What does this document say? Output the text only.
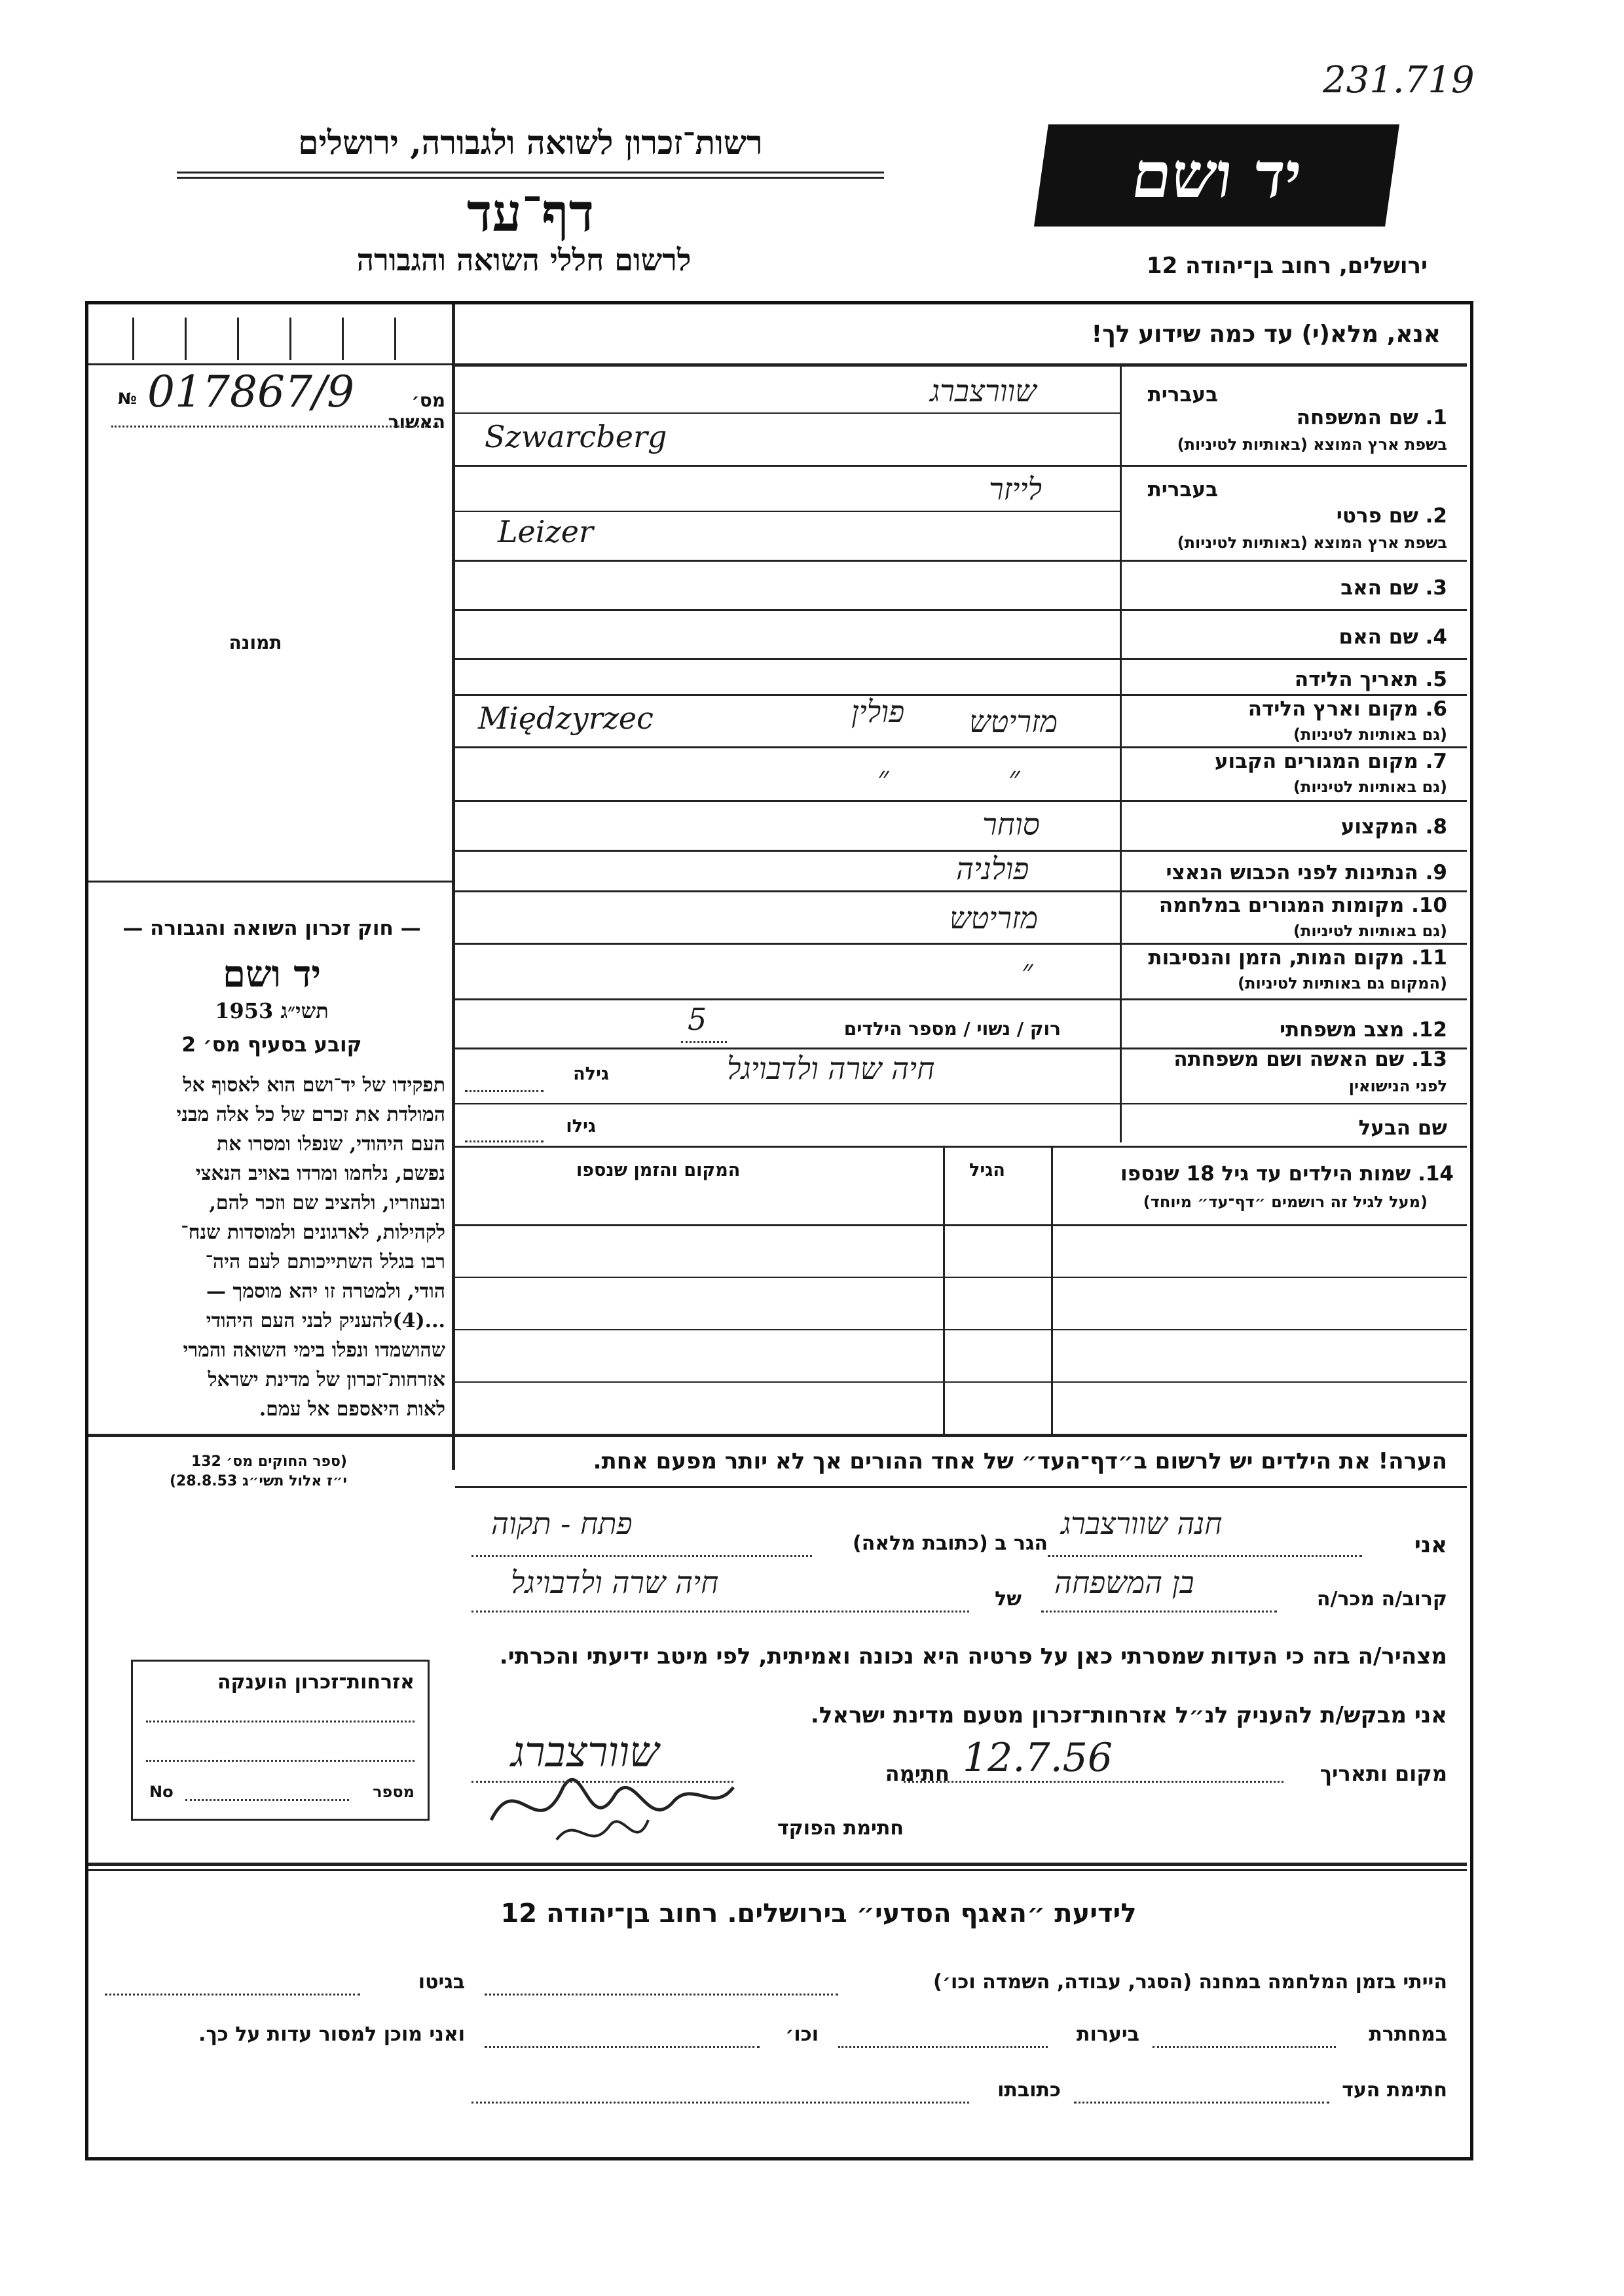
231.719
רשות־זכרון לשואה ולגבורה, ירושלים
דף־עד
לרשום חללי השואה והגבורה
יד ושם
ירושלים, רחוב בן־יהודה 12
אנא, מלא(י) עד כמה שידוע לך!
מס׳ האשור
№ 017867/9
תמונה
— חוק זכרון השואה והגבורה —
יד ושם
תשי״ג 1953
קובע בסעיף מס׳ 2
תפקידו של יד־ושם הוא לאסוף אל
המולדת את זכרם של כל אלה מבני
העם היהודי, שנפלו ומסרו את
נפשם, נלחמו ומרדו באויב הנאצי
ובעוזריו, ולהציב שם וזכר להם,
לקהילות, לארגונים ולמוסדות שנח־
רבו בגלל השתייכותם לעם היה־
הודי, ולמטרה זו יהא מוסמך —
...(4)להעניק לבני העם היהודי
שהושמדו ונפלו בימי השואה והמרי
אזרחות־זכרון של מדינת ישראל
לאות היאספם אל עמם.
(ספר החוקים מס׳ 132
י״ז אלול תשי״ג 28.8.53)
1. שם המשפחה
בשפת ארץ המוצא (באותיות לטיניות)
בעברית
שוורצברג
Szwarcberg
2. שם פרטי
בשפת ארץ המוצא (באותיות לטיניות)
בעברית
לייזר
Leizer
3. שם האב
4. שם האם
5. תאריך הלידה
6. מקום וארץ הלידה
(גם באותיות לטיניות)
Międzyrzec	פולין מזריטש
7. מקום המגורים הקבוע
(גם באותיות לטיניות)
״	״
8. המקצוע
סוחר
9. הנתינות לפני הכבוש הנאצי
פולניה
10. מקומות המגורים במלחמה
(גם באותיות לטיניות)
מזריטש
11. מקום המות, הזמן והנסיבות
(המקום גם באותיות לטיניות)
״
12. מצב משפחתי
רוק / נשוי / מספר הילדים
5
13. שם האשה ושם משפחתה
לפני הנישואין
גילה	חיה שרה ולדבויגל
שם הבעל
גילו
14. שמות הילדים עד גיל 18 שנספו
(מעל לגיל זה רושמים ״דף־עד״ מיוחד)
הגיל
המקום והזמן שנספו
הערה! את הילדים יש לרשום ב״דף־העד״ של אחד ההורים אך לא יותר מפעם אחת.
אני
חנה שוורצברג
הגר ב (כתובת מלאה)
פתח - תקוה
קרוב/ה מכר/ה
בן המשפחה
של
חיה שרה ולדבויגל
מצהיר/ה בזה כי העדות שמסרתי כאן על פרטיה היא נכונה ואמיתית, לפי מיטב ידיעתי והכרתי.
אני מבקש/ת להעניק לנ״ל אזרחות־זכרון מטעם מדינת ישראל.
מקום ותאריך
12.7.56
חתימה
שוורצברג
חתימת הפוקד
אזרחות־זכרון הוענקה
מספר
No
לידיעת ״האגף הסדעי״ בירושלים. רחוב בן־יהודה 12
הייתי בזמן המלחמה במחנה (הסגר, עבודה, השמדה וכו׳)
בגיטו
במחתרת
ביערות
וכו׳
ואני מוכן למסור עדות על כך.
חתימת העד
כתובתו
